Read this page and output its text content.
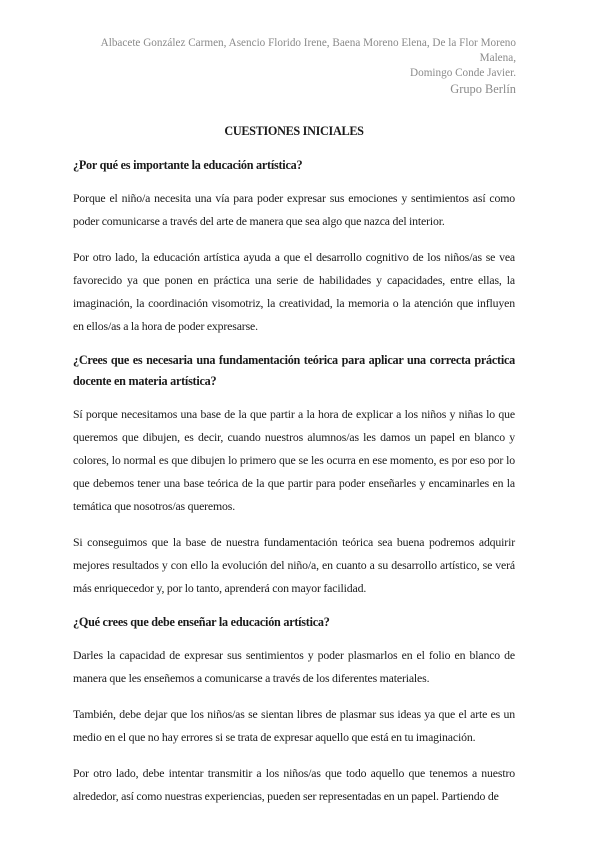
Albacete González Carmen, Asencio Florido Irene, Baena Moreno Elena, De la Flor Moreno Malena,
Domingo Conde Javier.
Grupo Berlín
CUESTIONES INICIALES
¿Por qué es importante la educación artística?

Porque el niño/a necesita una vía para poder expresar sus emociones y sentimientos así como poder comunicarse a través del arte de manera que sea algo que nazca del interior.

Por otro lado, la educación artística ayuda a que el desarrollo cognitivo de los niños/as se vea favorecido ya que ponen en práctica una serie de habilidades y capacidades, entre ellas, la imaginación, la coordinación visomotriz, la creatividad, la memoria o la atención que influyen en ellos/as a la hora de poder expresarse.

¿Crees que es necesaria una fundamentación teórica para aplicar una correcta práctica docente en materia artística?

Sí porque necesitamos una base de la que partir a la hora de explicar a los niños y niñas lo que queremos que dibujen, es decir, cuando nuestros alumnos/as les damos un papel en blanco y colores, lo normal es que dibujen lo primero que se les ocurra en ese momento, es por eso por lo que debemos tener una base teórica de la que partir para poder enseñarles y encaminarles en la temática que nosotros/as queremos.

Si conseguimos que la base de nuestra fundamentación teórica sea buena podremos adquirir mejores resultados y con ello la evolución del niño/a, en cuanto a su desarrollo artístico, se verá más enriquecedor y, por lo tanto, aprenderá con mayor facilidad.

¿Qué crees que debe enseñar la educación artística?

Darles la capacidad de expresar sus sentimientos y poder plasmarlos en el folio en blanco de manera que les enseñemos a comunicarse a través de los diferentes materiales.

También, debe dejar que los niños/as se sientan libres de plasmar sus ideas ya que el arte es un medio en el que no hay errores si se trata de expresar aquello que está en tu imaginación.

Por otro lado, debe intentar transmitir a los niños/as que todo aquello que tenemos a nuestro alrededor, así como nuestras experiencias, pueden ser representadas en un papel. Partiendo de
